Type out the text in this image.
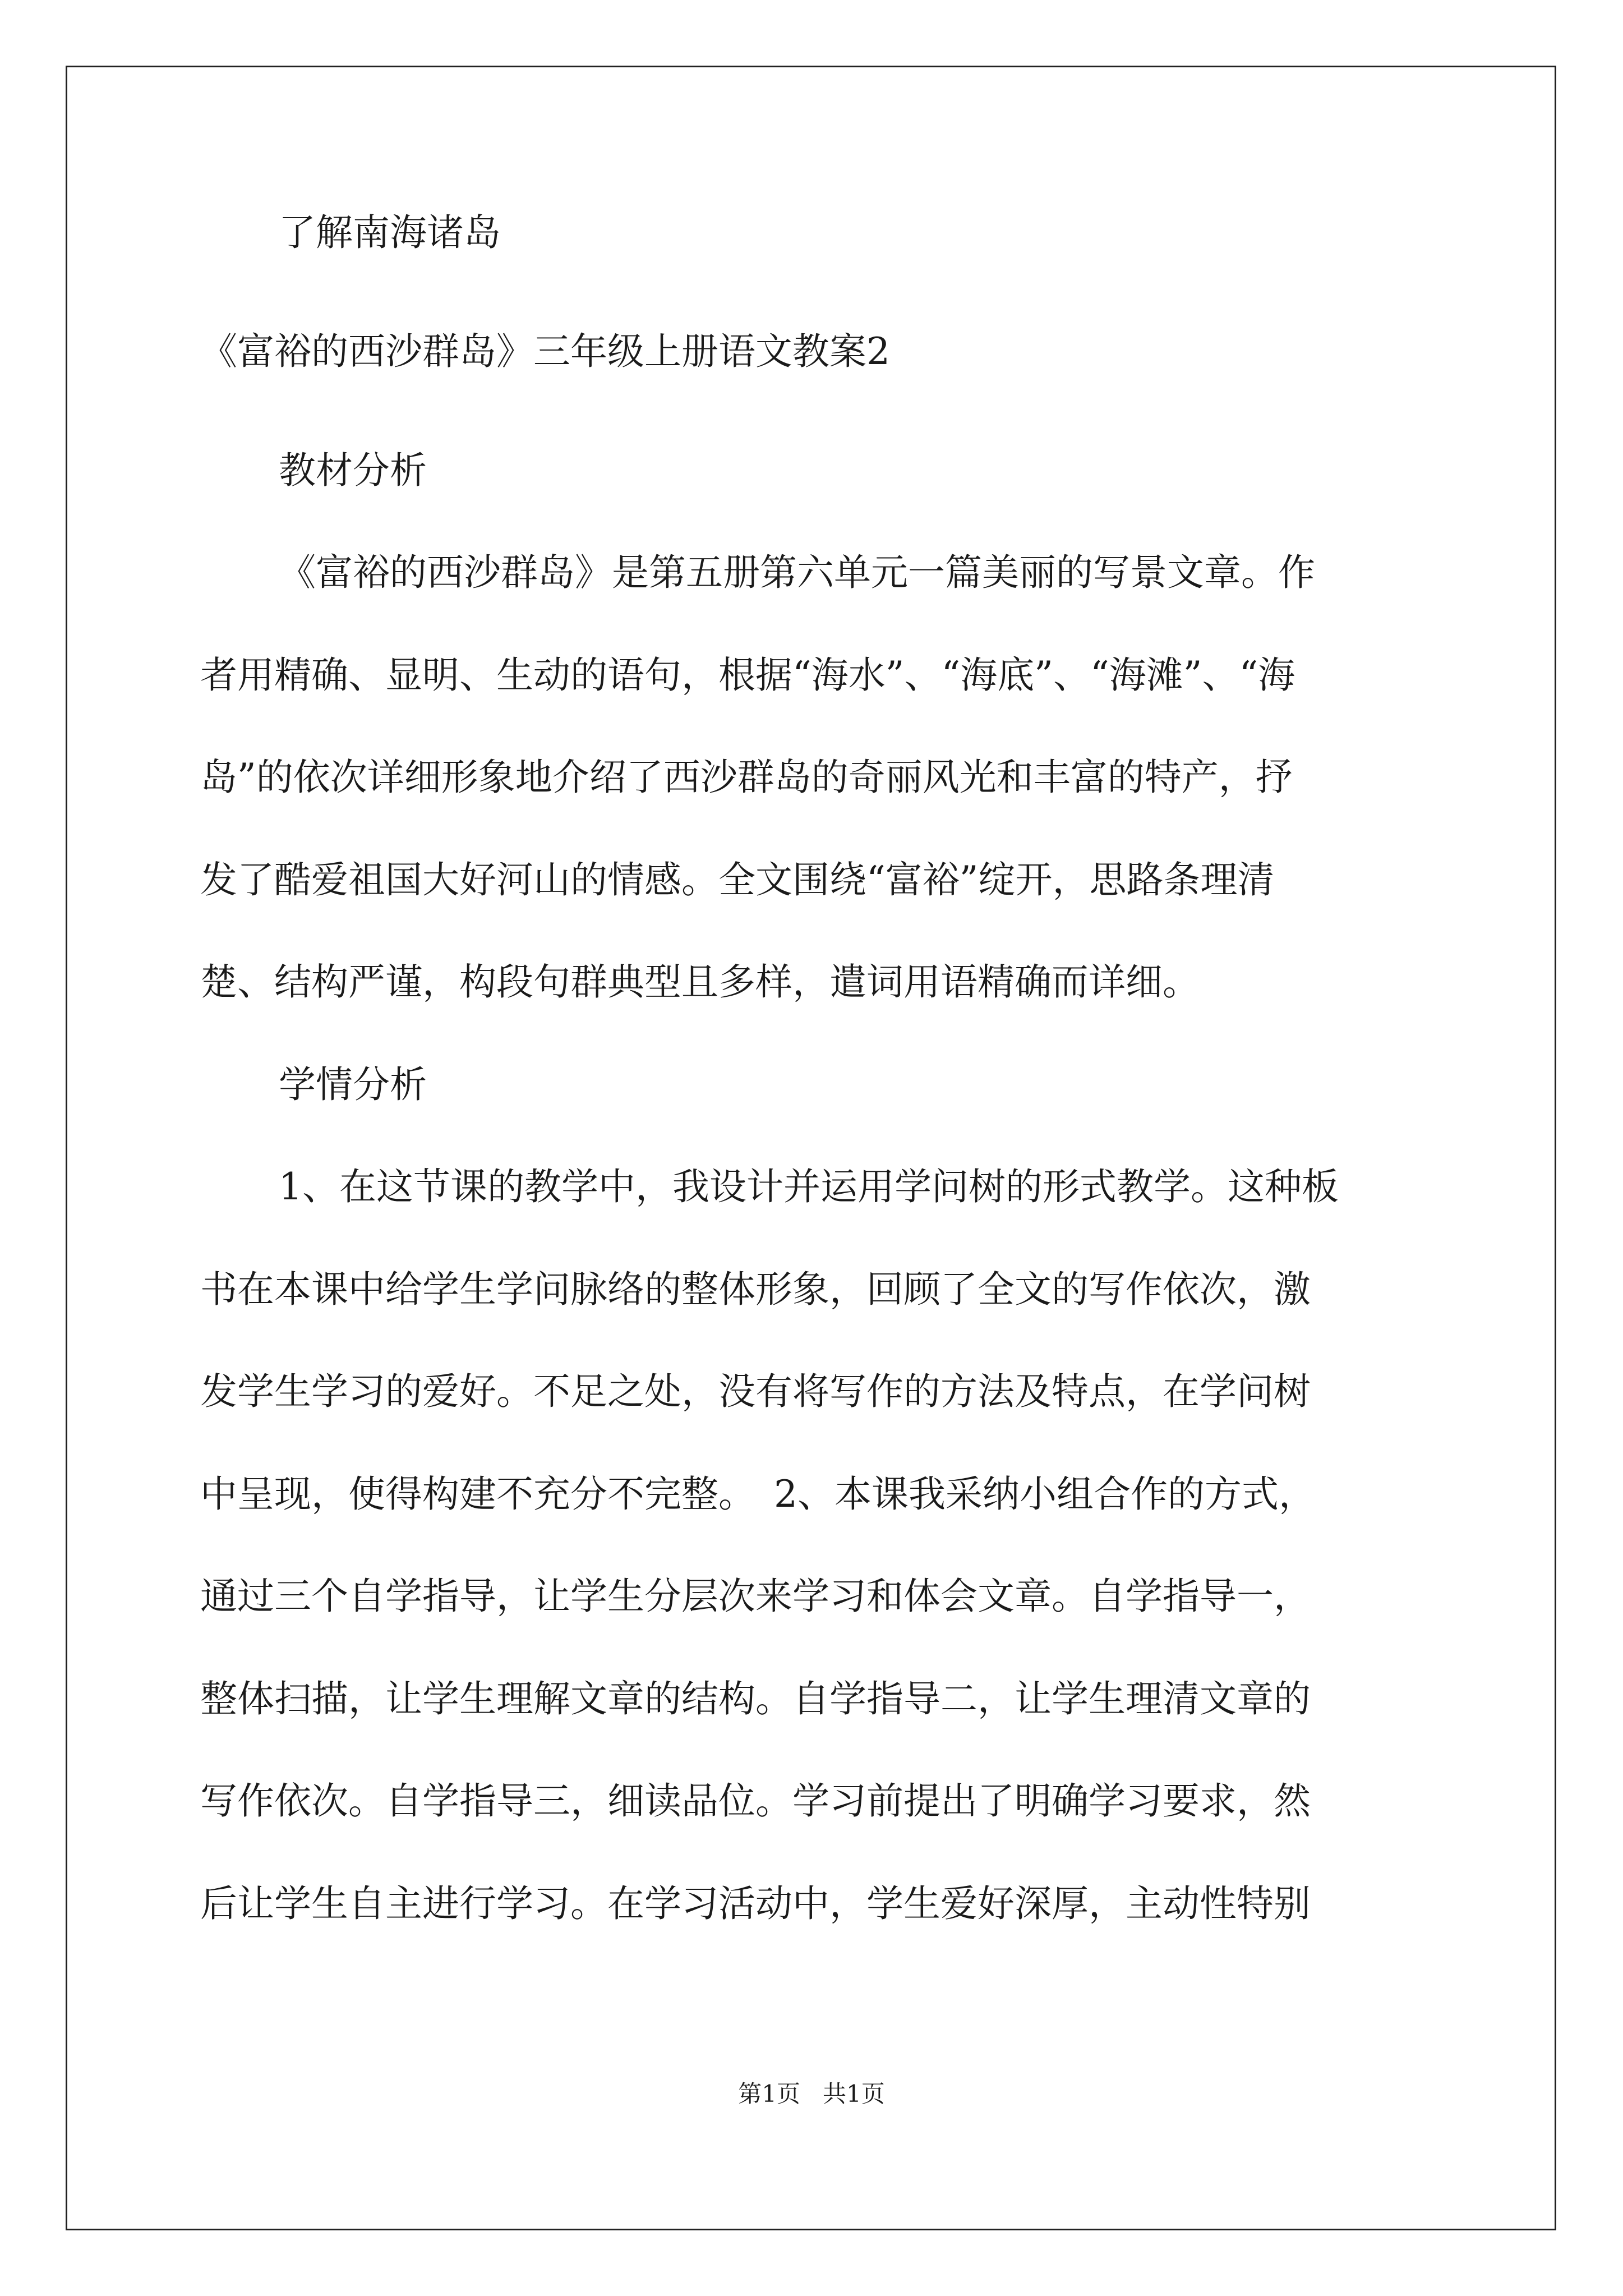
了解南海诸岛
《富裕的西沙群岛》三年级上册语文教案2
教材分析
《富裕的西沙群岛》是第五册第六单元一篇美丽的写景文章。作
者用精确、显明、生动的语句，根据“海水”、“海底”、“海滩”、“海
岛”的依次详细形象地介绍了西沙群岛的奇丽风光和丰富的特产，抒
发了酷爱祖国大好河山的情感。全文围绕“富裕”绽开，思路条理清
楚、结构严谨，构段句群典型且多样，遣词用语精确而详细。
学情分析
1、在这节课的教学中，我设计并运用学问树的形式教学。这种板
书在本课中给学生学问脉络的整体形象，回顾了全文的写作依次，激
发学生学习的爱好。不足之处，没有将写作的方法及特点，在学问树
中呈现，使得构建不充分不完整。　2、本课我采纳小组合作的方式，
通过三个自学指导，让学生分层次来学习和体会文章。自学指导一，
整体扫描，让学生理解文章的结构。自学指导二，让学生理清文章的
写作依次。自学指导三，细读品位。学习前提出了明确学习要求，然
后让学生自主进行学习。在学习活动中，学生爱好深厚，主动性特别
第1页   共1页
